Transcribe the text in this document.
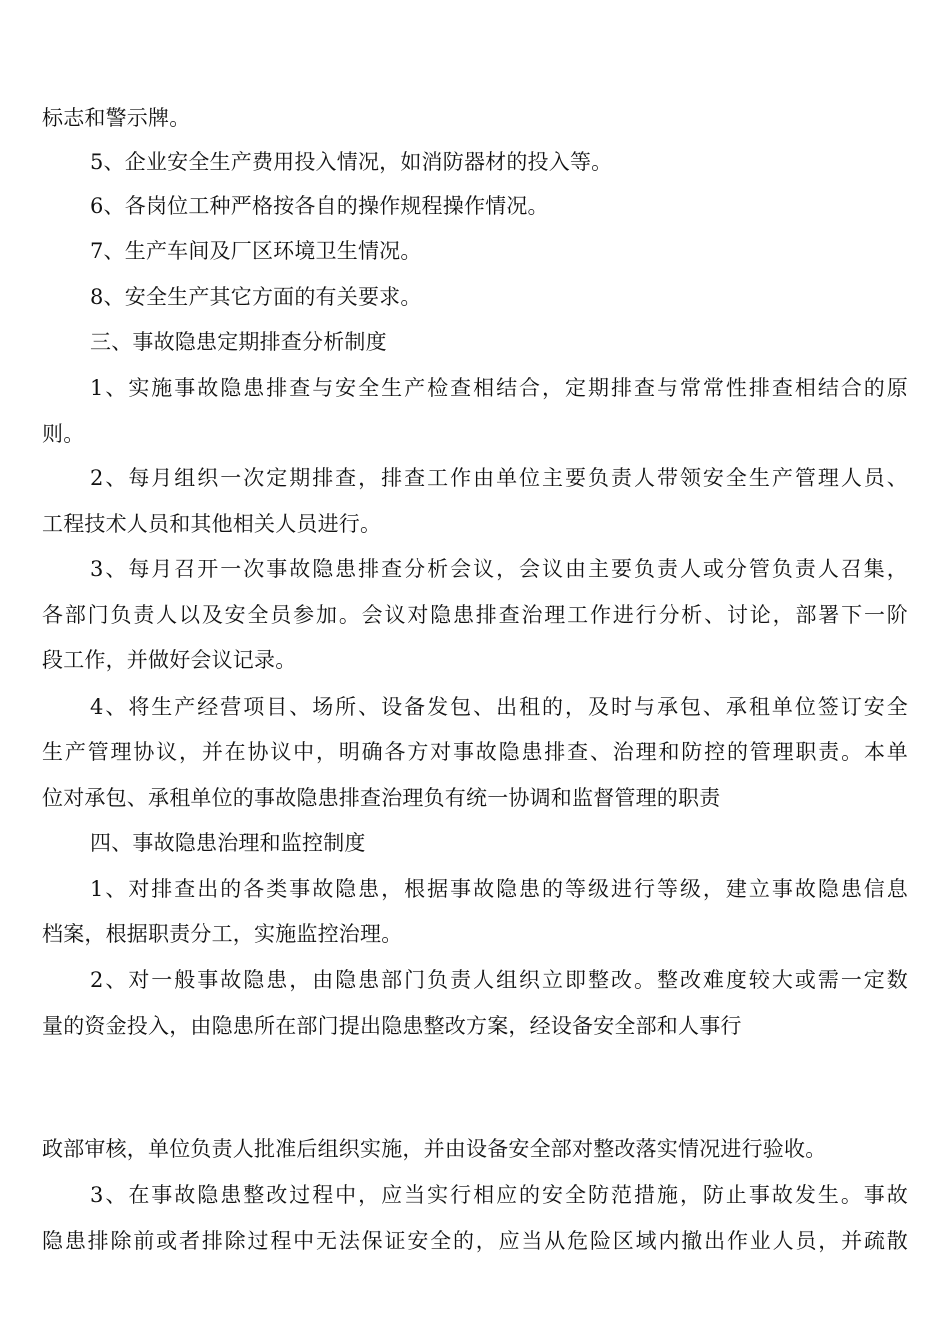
标志和警示牌。
5、企业安全生产费用投入情况，如消防器材的投入等。
6、各岗位工种严格按各自的操作规程操作情况。
7、生产车间及厂区环境卫生情况。
8、安全生产其它方面的有关要求。
三、事故隐患定期排查分析制度
1、实施事故隐患排查与安全生产检查相结合，定期排查与常常性排查相结合的原
则。
2、每月组织一次定期排查，排查工作由单位主要负责人带领安全生产管理人员、
工程技术人员和其他相关人员进行。
3、每月召开一次事故隐患排查分析会议，会议由主要负责人或分管负责人召集，
各部门负责人以及安全员参加。会议对隐患排查治理工作进行分析、讨论，部署下一阶
段工作，并做好会议记录。
4、将生产经营项目、场所、设备发包、出租的，及时与承包、承租单位签订安全
生产管理协议，并在协议中，明确各方对事故隐患排查、治理和防控的管理职责。本单
位对承包、承租单位的事故隐患排查治理负有统一协调和监督管理的职责
四、事故隐患治理和监控制度
1、对排查出的各类事故隐患，根据事故隐患的等级进行等级，建立事故隐患信息
档案，根据职责分工，实施监控治理。
2、对一般事故隐患，由隐患部门负责人组织立即整改。整改难度较大或需一定数
量的资金投入，由隐患所在部门提出隐患整改方案，经设备安全部和人事行
政部审核，单位负责人批准后组织实施，并由设备安全部对整改落实情况进行验收。
3、在事故隐患整改过程中，应当实行相应的安全防范措施，防止事故发生。事故
隐患排除前或者排除过程中无法保证安全的，应当从危险区域内撤出作业人员，并疏散
